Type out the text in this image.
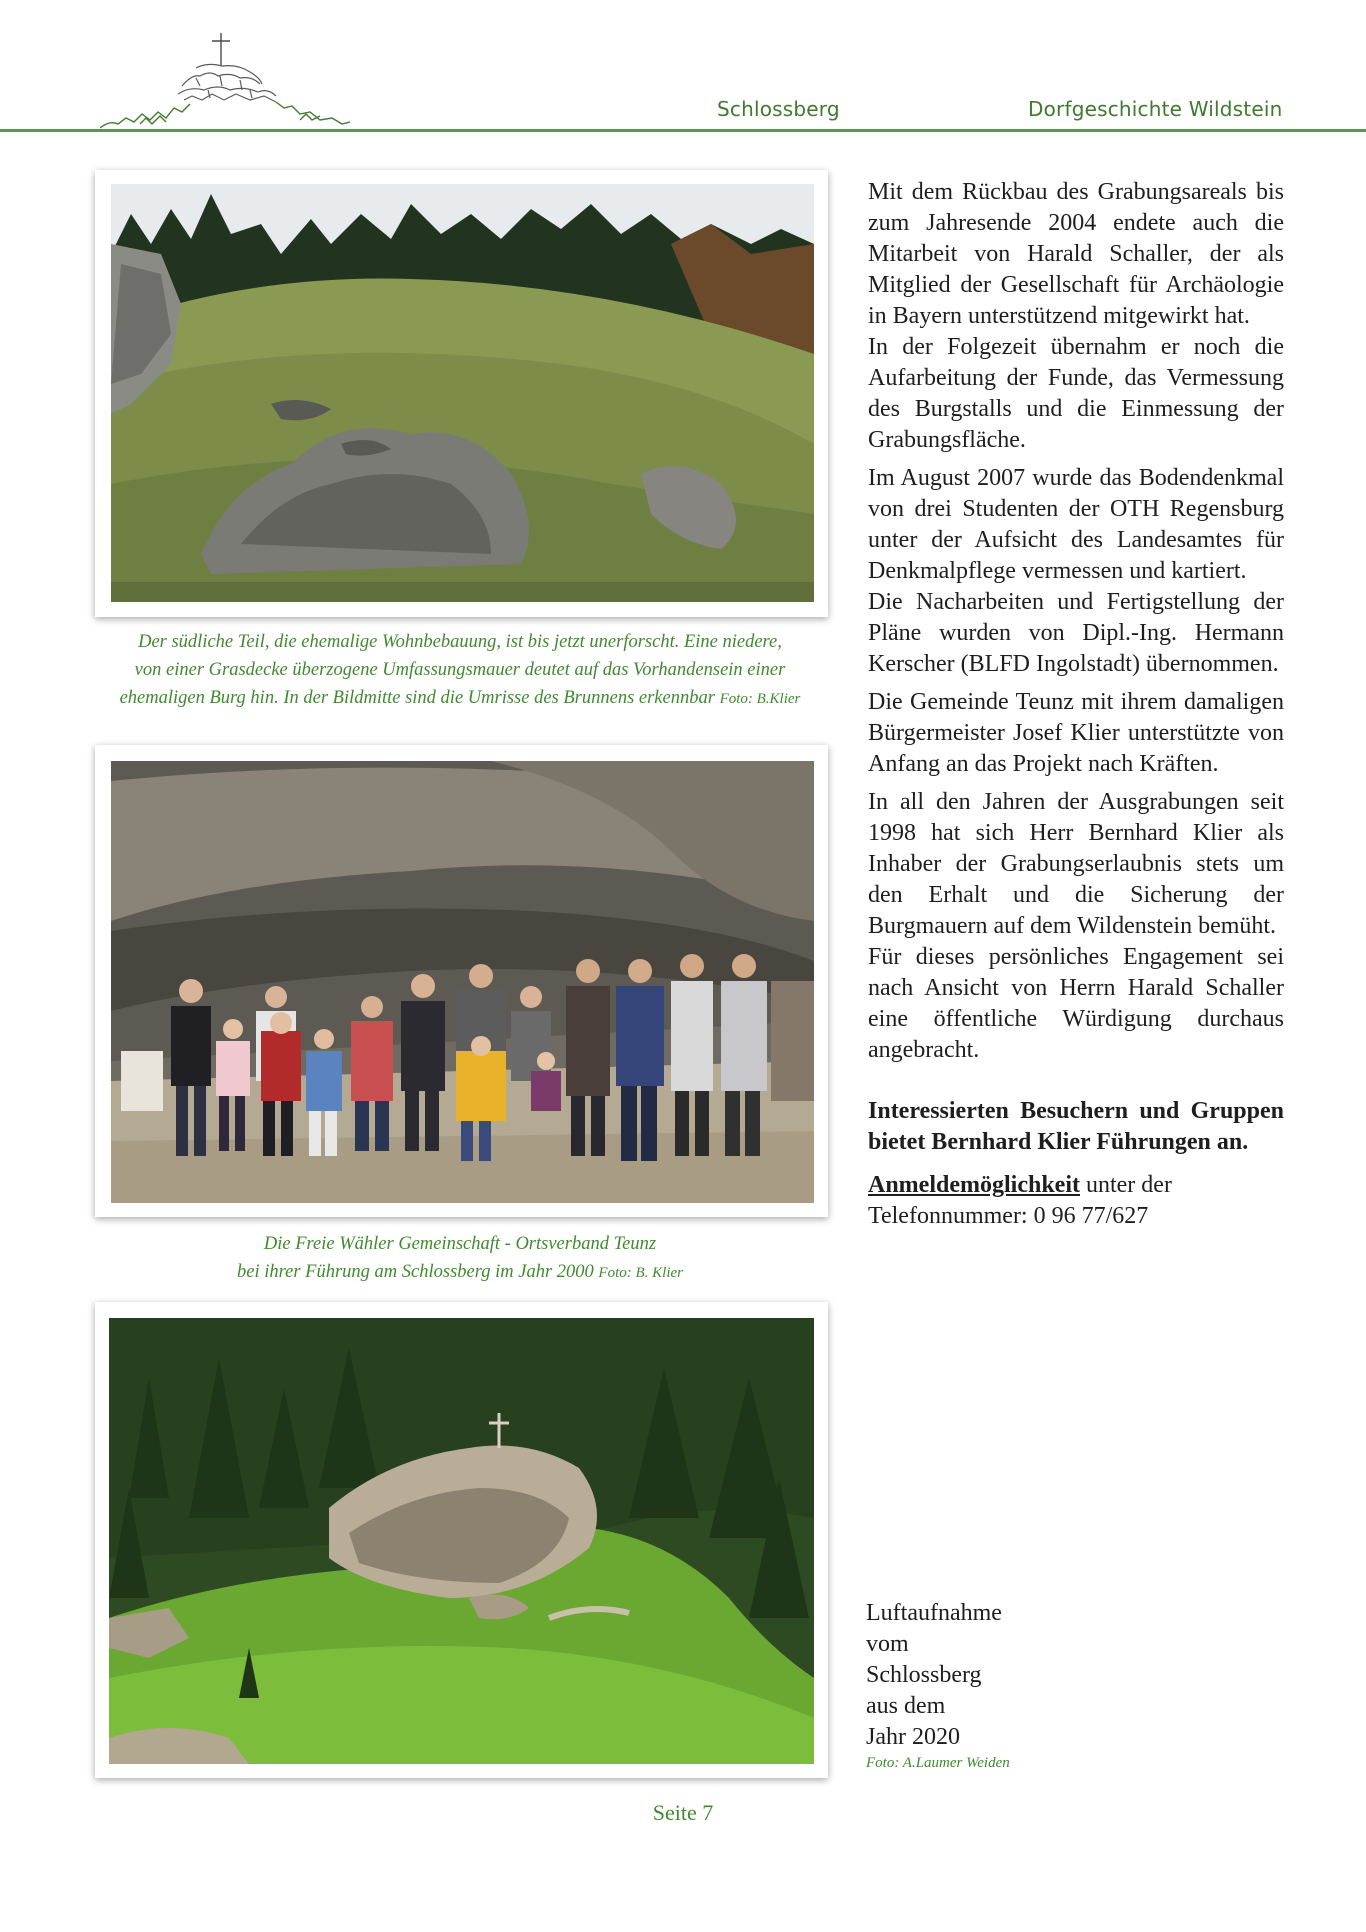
Schlossberg	Dorfgeschichte Wildstein
Der südliche Teil, die ehemalige Wohnbebauung, ist bis jetzt unerforscht. Eine niedere,
von einer Grasdecke überzogene Umfassungsmauer deutet auf das Vorhandensein einer
ehemaligen Burg hin. In der Bildmitte sind die Umrisse des Brunnens erkennbar Foto: B.Klier
Die Freie Wähler Gemeinschaft - Ortsverband Teunz
bei ihrer Führung am Schlossberg im Jahr 2000 Foto: B. Klier

Mit dem Rückbau des Grabungsareals bis zum Jahresende 2004 endete auch die Mitarbeit von Harald Schaller, der als Mitglied der Gesellschaft für Archäologie in Bayern unterstützend mitgewirkt hat.

In der Folgezeit übernahm er noch die Aufarbeitung der Funde, das Vermessung des Burgstalls und die Einmessung der Grabungsfläche.

Im August 2007 wurde das Bodendenkmal von drei Studenten der OTH Regensburg unter der Aufsicht des Landesamtes für Denkmalpflege vermessen und kartiert.

Die Nacharbeiten und Fertigstellung der Pläne wurden von Dipl.-Ing. Hermann Kerscher (BLFD Ingolstadt) übernommen.

Die Gemeinde Teunz mit ihrem damaligen Bürgermeister Josef Klier unterstützte von Anfang an das Projekt nach Kräften.

In all den Jahren der Ausgrabungen seit 1998 hat sich Herr Bernhard Klier als Inhaber der Grabungserlaubnis stets um den Erhalt und die Sicherung der Burgmauern auf dem Wildenstein bemüht.

Für dieses persönliches Engagement sei nach Ansicht von Herrn Harald Schaller eine öffentliche Würdigung durchaus angebracht.

Interessierten Besuchern und Gruppen bietet Bernhard Klier Führungen an.

Anmeldemöglichkeit unter der Telefonnummer: 0 96 77/627

Luftaufnahme
vom
Schlossberg
aus dem
Jahr 2020
Foto: A.Laumer Weiden
Seite 7
